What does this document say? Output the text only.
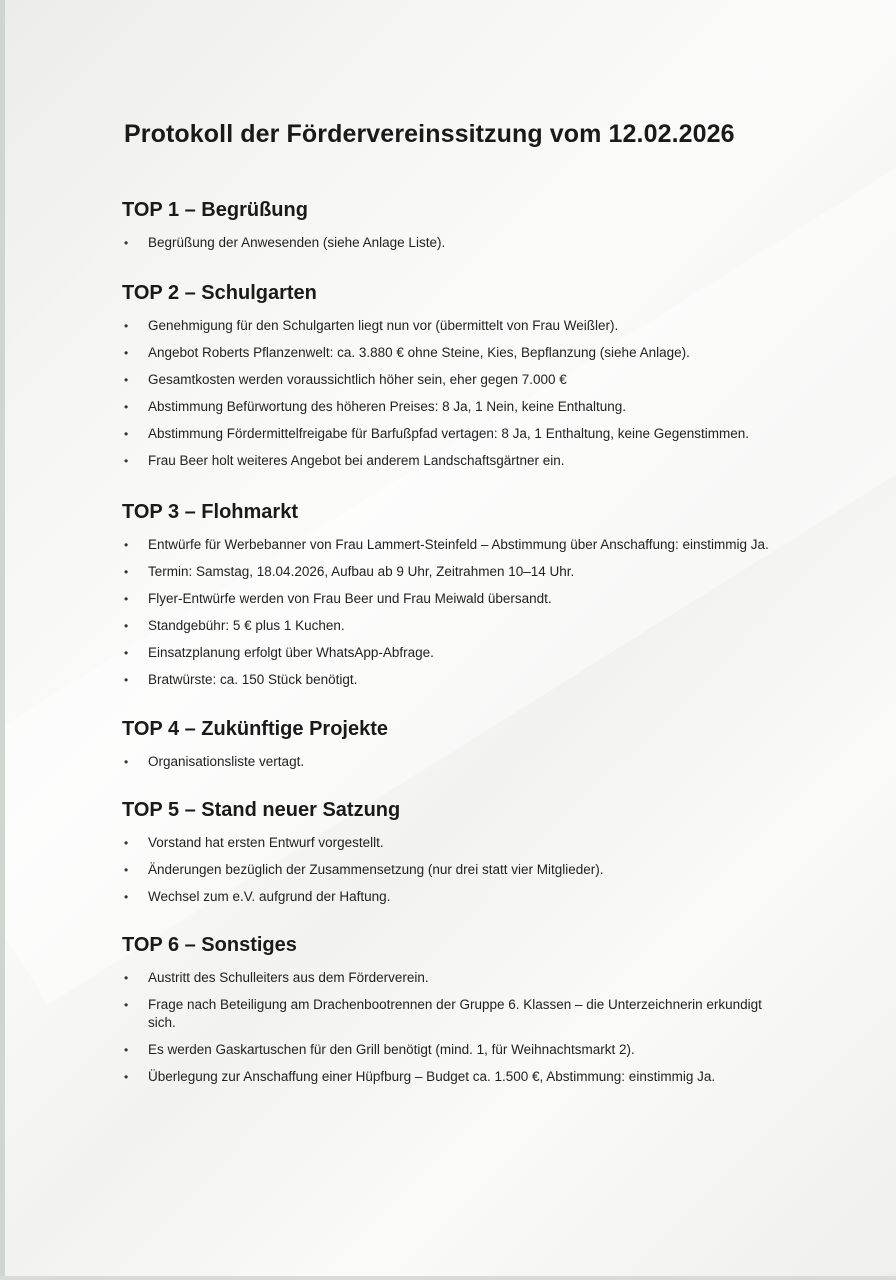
Protokoll der Fördervereinssitzung vom 12.02.2026
TOP 1 – Begrüßung
• Begrüßung der Anwesenden (siehe Anlage Liste).
TOP 2 – Schulgarten
• Genehmigung für den Schulgarten liegt nun vor (übermittelt von Frau Weißler).
• Angebot Roberts Pflanzenwelt: ca. 3.880 € ohne Steine, Kies, Bepflanzung (siehe Anlage).
• Gesamtkosten werden voraussichtlich höher sein, eher gegen 7.000 €
• Abstimmung Befürwortung des höheren Preises: 8 Ja, 1 Nein, keine Enthaltung.
• Abstimmung Fördermittelfreigabe für Barfußpfad vertagen: 8 Ja, 1 Enthaltung, keine Gegenstimmen.
• Frau Beer holt weiteres Angebot bei anderem Landschaftsgärtner ein.
TOP 3 – Flohmarkt
• Entwürfe für Werbebanner von Frau Lammert-Steinfeld – Abstimmung über Anschaffung: einstimmig Ja.
• Termin: Samstag, 18.04.2026, Aufbau ab 9 Uhr, Zeitrahmen 10–14 Uhr.
• Flyer-Entwürfe werden von Frau Beer und Frau Meiwald übersandt.
• Standgebühr: 5 € plus 1 Kuchen.
• Einsatzplanung erfolgt über WhatsApp-Abfrage.
• Bratwürste: ca. 150 Stück benötigt.
TOP 4 – Zukünftige Projekte
• Organisationsliste vertagt.
TOP 5 – Stand neuer Satzung
• Vorstand hat ersten Entwurf vorgestellt.
• Änderungen bezüglich der Zusammensetzung (nur drei statt vier Mitglieder).
• Wechsel zum e.V. aufgrund der Haftung.
TOP 6 – Sonstiges
• Austritt des Schulleiters aus dem Förderverein.
• Frage nach Beteiligung am Drachenbootrennen der Gruppe 6. Klassen – die Unterzeichnerin erkundigt sich.
• Es werden Gaskartuschen für den Grill benötigt (mind. 1, für Weihnachtsmarkt 2).
• Überlegung zur Anschaffung einer Hüpfburg – Budget ca. 1.500 €, Abstimmung: einstimmig Ja.
